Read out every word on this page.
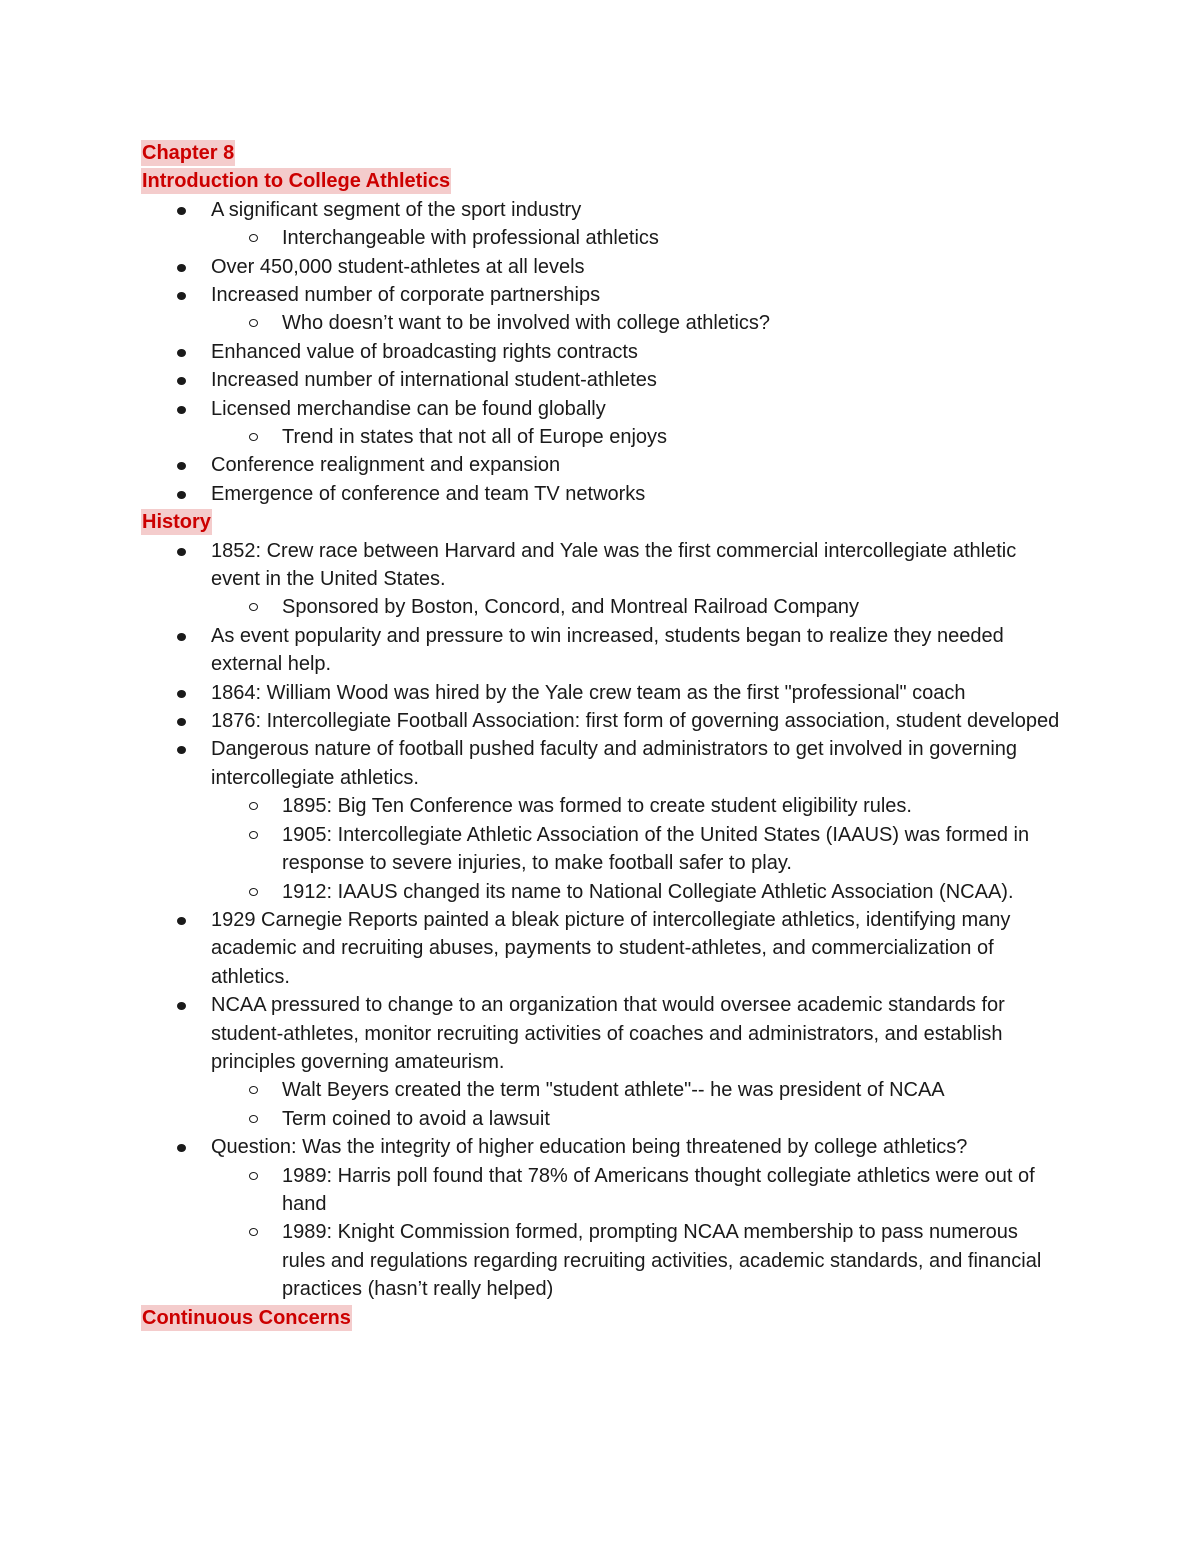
Chapter 8
Introduction to College Athletics
A significant segment of the sport industry
Interchangeable with professional athletics
Over 450,000 student-athletes at all levels
Increased number of corporate partnerships
Who doesn’t want to be involved with college athletics?
Enhanced value of broadcasting rights contracts
Increased number of international student-athletes
Licensed merchandise can be found globally
Trend in states that not all of Europe enjoys
Conference realignment and expansion
Emergence of conference and team TV networks
History
1852: Crew race between Harvard and Yale was the first commercial intercollegiate athletic event in the United States.
Sponsored by Boston, Concord, and Montreal Railroad Company
As event popularity and pressure to win increased, students began to realize they needed external help.
1864: William Wood was hired by the Yale crew team as the first "professional" coach
1876: Intercollegiate Football Association: first form of governing association, student developed
Dangerous nature of football pushed faculty and administrators to get involved in governing intercollegiate athletics.
1895: Big Ten Conference was formed to create student eligibility rules.
1905: Intercollegiate Athletic Association of the United States (IAAUS) was formed in response to severe injuries, to make football safer to play.
1912: IAAUS changed its name to National Collegiate Athletic Association (NCAA).
1929 Carnegie Reports painted a bleak picture of intercollegiate athletics, identifying many academic and recruiting abuses, payments to student-athletes, and commercialization of athletics.
NCAA pressured to change to an organization that would oversee academic standards for student-athletes, monitor recruiting activities of coaches and administrators, and establish principles governing amateurism.
Walt Beyers created the term "student athlete"-- he was president of NCAA
Term coined to avoid a lawsuit
Question: Was the integrity of higher education being threatened by college athletics?
1989: Harris poll found that 78% of Americans thought collegiate athletics were out of hand
1989: Knight Commission formed, prompting NCAA membership to pass numerous rules and regulations regarding recruiting activities, academic standards, and financial practices (hasn’t really helped)
Continuous Concerns
